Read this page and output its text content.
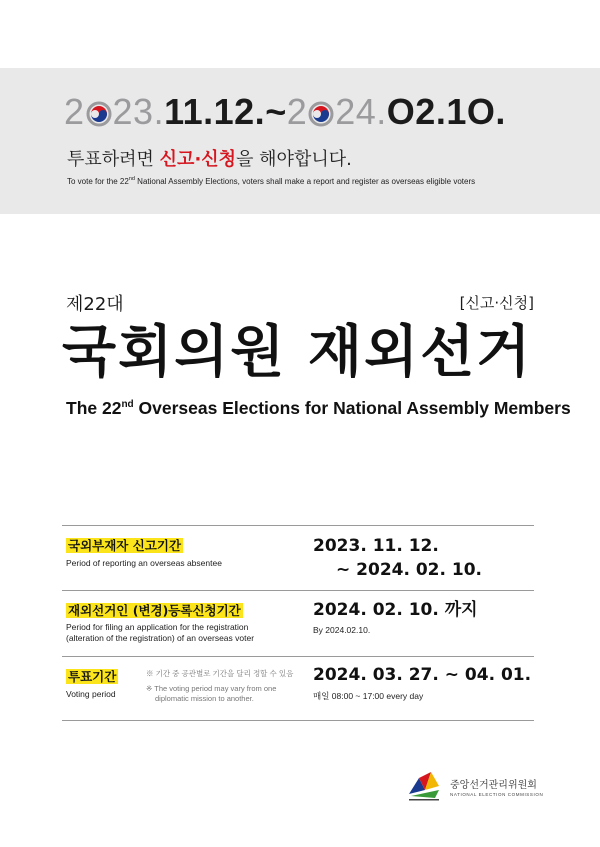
2 23.11.12.~2 24.O2.1O.
투표하려면 신고·신청을 해야합니다.
To vote for the 22nd National Assembly Elections, voters shall make a report and register as overseas eligible voters
제22대	[신고·신청]
국회의원 재외선거
The 22nd Overseas Elections for National Assembly Members
국외부재자 신고기간
Period of reporting an overseas absentee
2023. 11. 12.
~ 2024. 02. 10.
재외선거인 (변경)등록신청기간
Period for filing an application for the registration
(alteration of the registration) of an overseas voter
2024. 02. 10. 까지
By 2024.02.10.
투표기간
Voting period
※ 기간 중 공관별로 기간을 달리 정할 수 있음
※ The voting period may vary from one
diplomatic mission to another.
2024. 03. 27. ~ 04. 01.
매일 08:00 ~ 17:00 every day
중앙선거관리위원회
NATIONAL ELECTION COMMISSION
